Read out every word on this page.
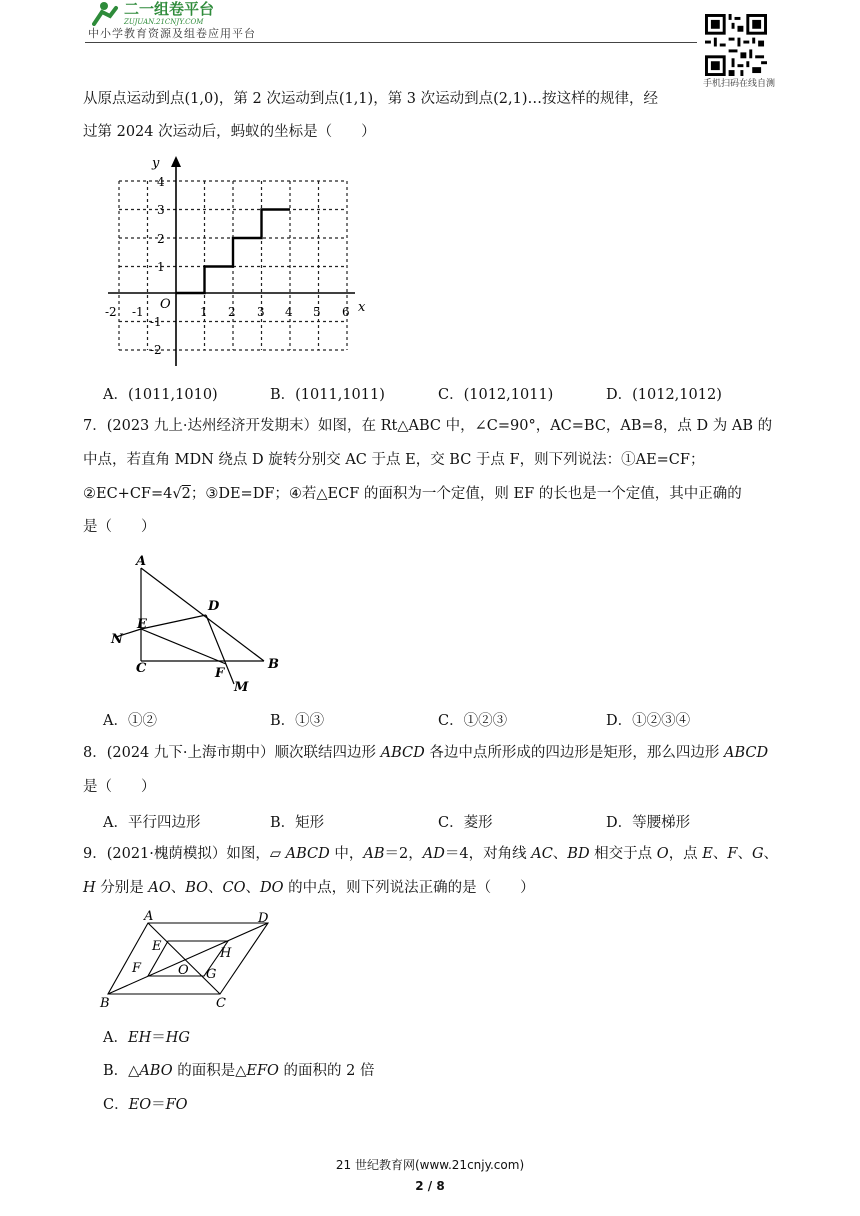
二一组卷平台
ZUJUAN.21CNJY.COM
中小学教育资源及组卷应用平台
手机扫码在线自测
从原点运动到点(1,0)，第 2 次运动到点(1,1)，第 3 次运动到点(2,1)…按这样的规律，经
过第 2024 次运动后，蚂蚁的坐标是（　　）
y
x
O
-2 -1	1 2 3 4 5 6
4
3
2
1
-1
-2
A．(1011,1010)	B．(1011,1011)	C．(1012,1011)	D．(1012,1012)
7．(2023 九上·达州经济开发期末）如图，在 Rt△ABC 中，∠C=90°，AC=BC，AB=8，点 D 为 AB 的
中点，若直角 MDN 绕点 D 旋转分别交 AC 于点 E，交 BC 于点 F，则下列说法：①AE=CF；
②EC+CF=4√2；③DE=DF；④若△ECF 的面积为一个定值，则 EF 的长也是一个定值，其中正确的
是（　　）
A
B
C
D
E
F
M
N
A．①②	B．①③	C．①②③	D．①②③④
8．(2024 九下·上海市期中）顺次联结四边形 ABCD 各边中点所形成的四边形是矩形，那么四边形 ABCD
是（　　）
A．平行四边形	B．矩形	C．菱形	D．等腰梯形
9．(2021·槐荫模拟）如图，▱ ABCD 中，AB＝2，AD＝4，对角线 AC、BD 相交于点 O，点 E、F、G、
H 分别是 AO、BO、CO、DO 的中点，则下列说法正确的是（　　）
A	D
B	C
E
F	G
H
O
A．EH＝HG
B．△ABO 的面积是△EFO 的面积的 2 倍
C．EO＝FO
21 世纪教育网(www.21cnjy.com)
2 / 8
